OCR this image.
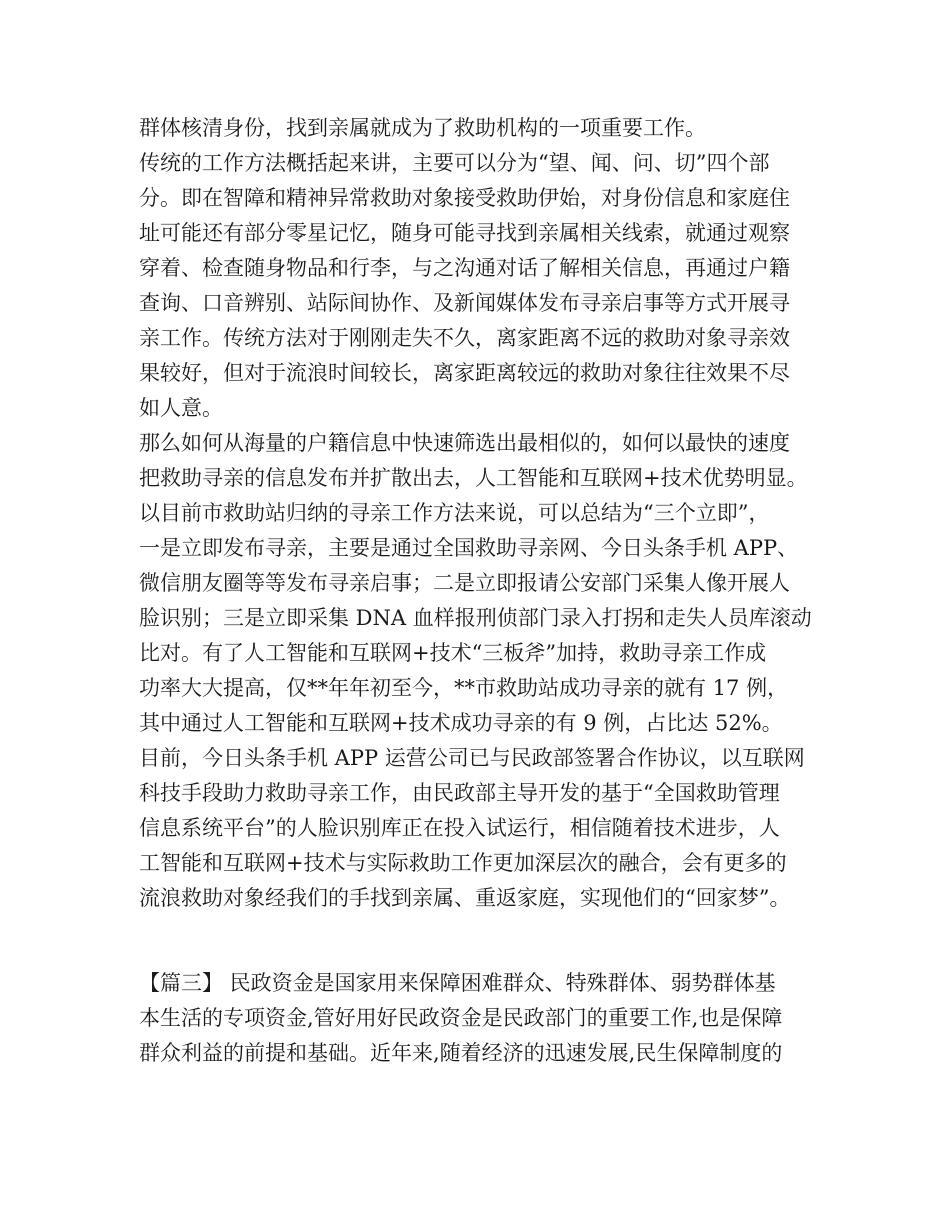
群体核清身份，找到亲属就成为了救助机构的一项重要工作。
传统的工作方法概括起来讲，主要可以分为“望、闻、问、切”四个部
分。即在智障和精神异常救助对象接受救助伊始，对身份信息和家庭住
址可能还有部分零星记忆，随身可能寻找到亲属相关线索，就通过观察
穿着、检查随身物品和行李，与之沟通对话了解相关信息，再通过户籍
查询、口音辨别、站际间协作、及新闻媒体发布寻亲启事等方式开展寻
亲工作。传统方法对于刚刚走失不久，离家距离不远的救助对象寻亲效
果较好，但对于流浪时间较长，离家距离较远的救助对象往往效果不尽
如人意。
那么如何从海量的户籍信息中快速筛选出最相似的，如何以最快的速度
把救助寻亲的信息发布并扩散出去，人工智能和互联网+技术优势明显。
以目前市救助站归纳的寻亲工作方法来说，可以总结为“三个立即”，
一是立即发布寻亲，主要是通过全国救助寻亲网、今日头条手机 APP、
微信朋友圈等等发布寻亲启事；二是立即报请公安部门采集人像开展人
脸识别；三是立即采集 DNA 血样报刑侦部门录入打拐和走失人员库滚动
比对。有了人工智能和互联网+技术“三板斧”加持，救助寻亲工作成
功率大大提高，仅**年年初至今，**市救助站成功寻亲的就有 17 例，
其中通过人工智能和互联网+技术成功寻亲的有 9 例，占比达 52%。
目前，今日头条手机 APP 运营公司已与民政部签署合作协议，以互联网
科技手段助力救助寻亲工作，由民政部主导开发的基于“全国救助管理
信息系统平台”的人脸识别库正在投入试运行，相信随着技术进步，人
工智能和互联网+技术与实际救助工作更加深层次的融合，会有更多的
流浪救助对象经我们的手找到亲属、重返家庭，实现他们的“回家梦”。
【篇三】 民政资金是国家用来保障困难群众、特殊群体、弱势群体基
本生活的专项资金,管好用好民政资金是民政部门的重要工作,也是保障
群众利益的前提和基础。近年来,随着经济的迅速发展,民生保障制度的
